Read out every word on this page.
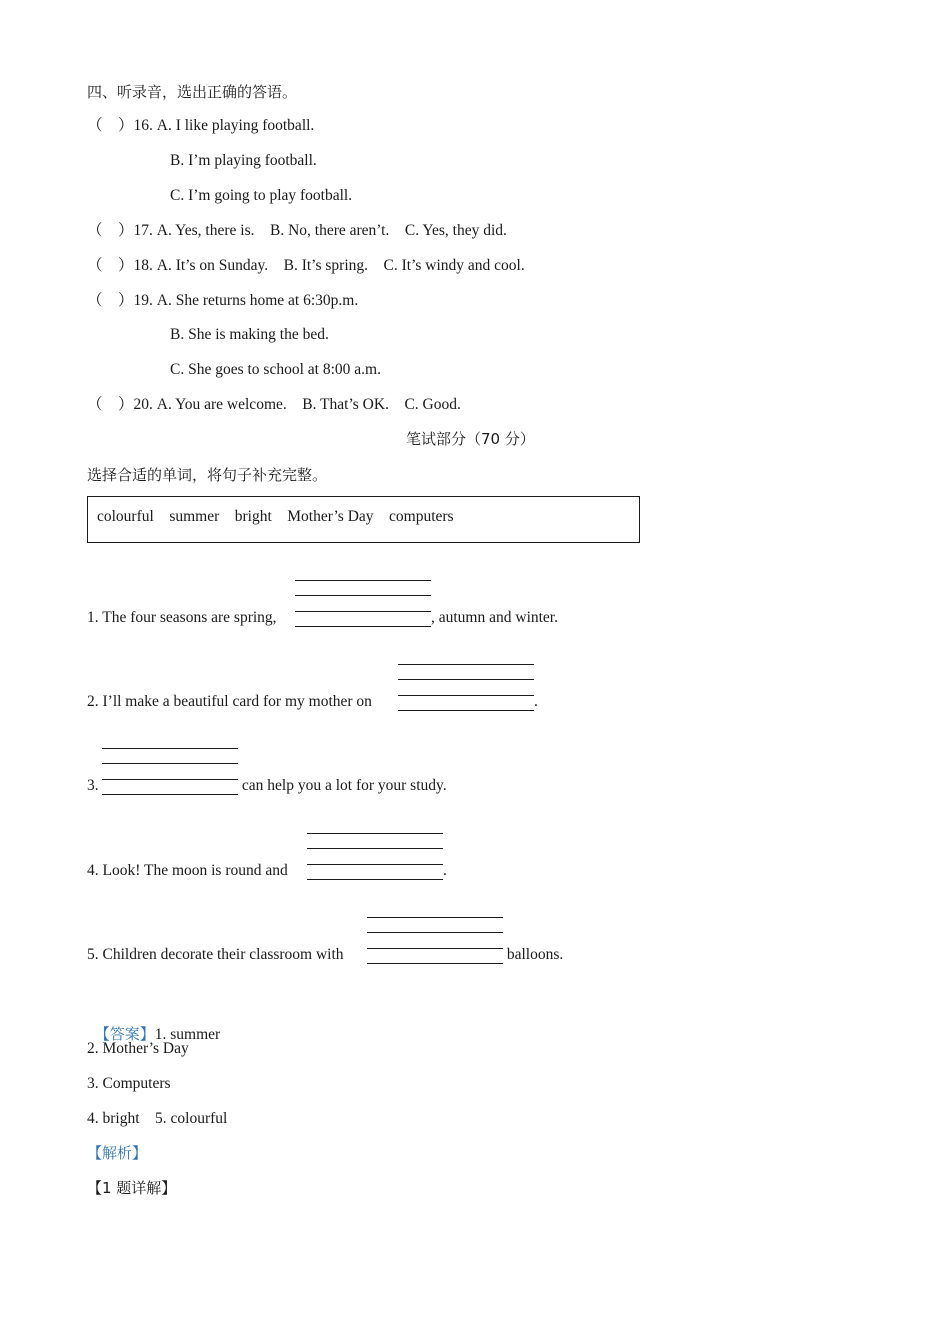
四、听录音，选出正确的答语。
（    ）16. A. I like playing football.
B. I’m playing football.
C. I’m going to play football.
（    ）17. A. Yes, there is.    B. No, there aren’t.    C. Yes, they did.
（    ）18. A. It’s on Sunday.    B. It’s spring.    C. It’s windy and cool.
（    ）19. A. She returns home at 6:30p.m.
B. She is making the bed.
C. She goes to school at 8:00 a.m.
（    ）20. A. You are welcome.    B. That’s OK.    C. Good.
笔试部分（70 分）
选择合适的单词，将句子补充完整。
colourful    summer    bright    Mother’s Day    computers
1. The four seasons are spring,	, autumn and winter.
2. I’ll make a beautiful card for my mother on	.
3.	can help you a lot for your study.
4. Look! The moon is round and	.
5. Children decorate their classroom with	balloons.

【答案】1. summer

2. Mother’s Day
3. Computers
4. bright    5. colourful
【解析】
【1 题详解】
